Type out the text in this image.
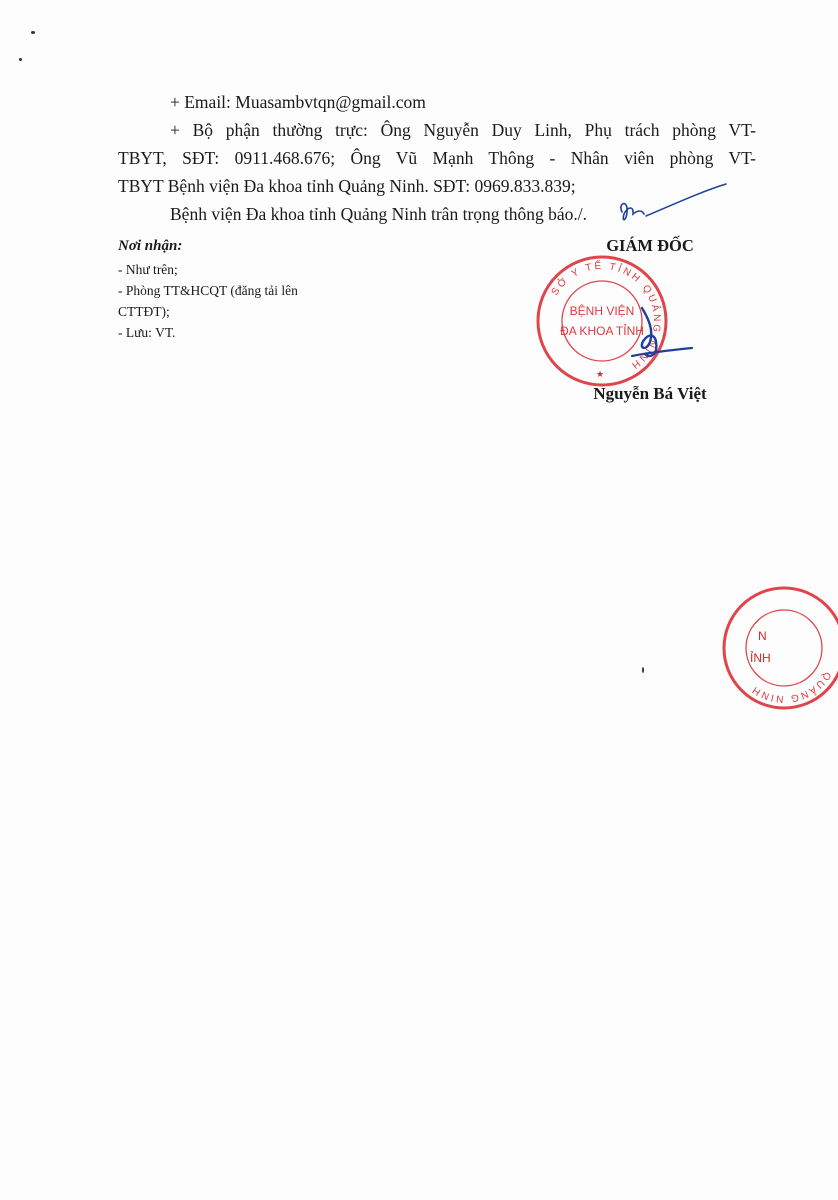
+ Email: Muasambvtqn@gmail.com

+ Bộ phận thường trực: Ông Nguyễn Duy Linh, Phụ trách phòng VT-

TBYT, SĐT: 0911.468.676; Ông Vũ Mạnh Thông - Nhân viên phòng VT-

TBYT Bệnh viện Đa khoa tỉnh Quảng Ninh. SĐT: 0969.833.839;

Bệnh viện Đa khoa tỉnh Quảng Ninh trân trọng thông báo./.

Nơi nhận:

- Như trên;

- Phòng TT&HCQT (đăng tải lên

CTTĐT);

- Lưu: VT.

GIÁM ĐỐC
SỞ Y TẾ TỈNH QUẢNG NINH
BỆNH VIỆN
ĐA KHOA TỈNH
★
Nguyễn Bá Việt
QUẢNG NINH
N
ỈNH
